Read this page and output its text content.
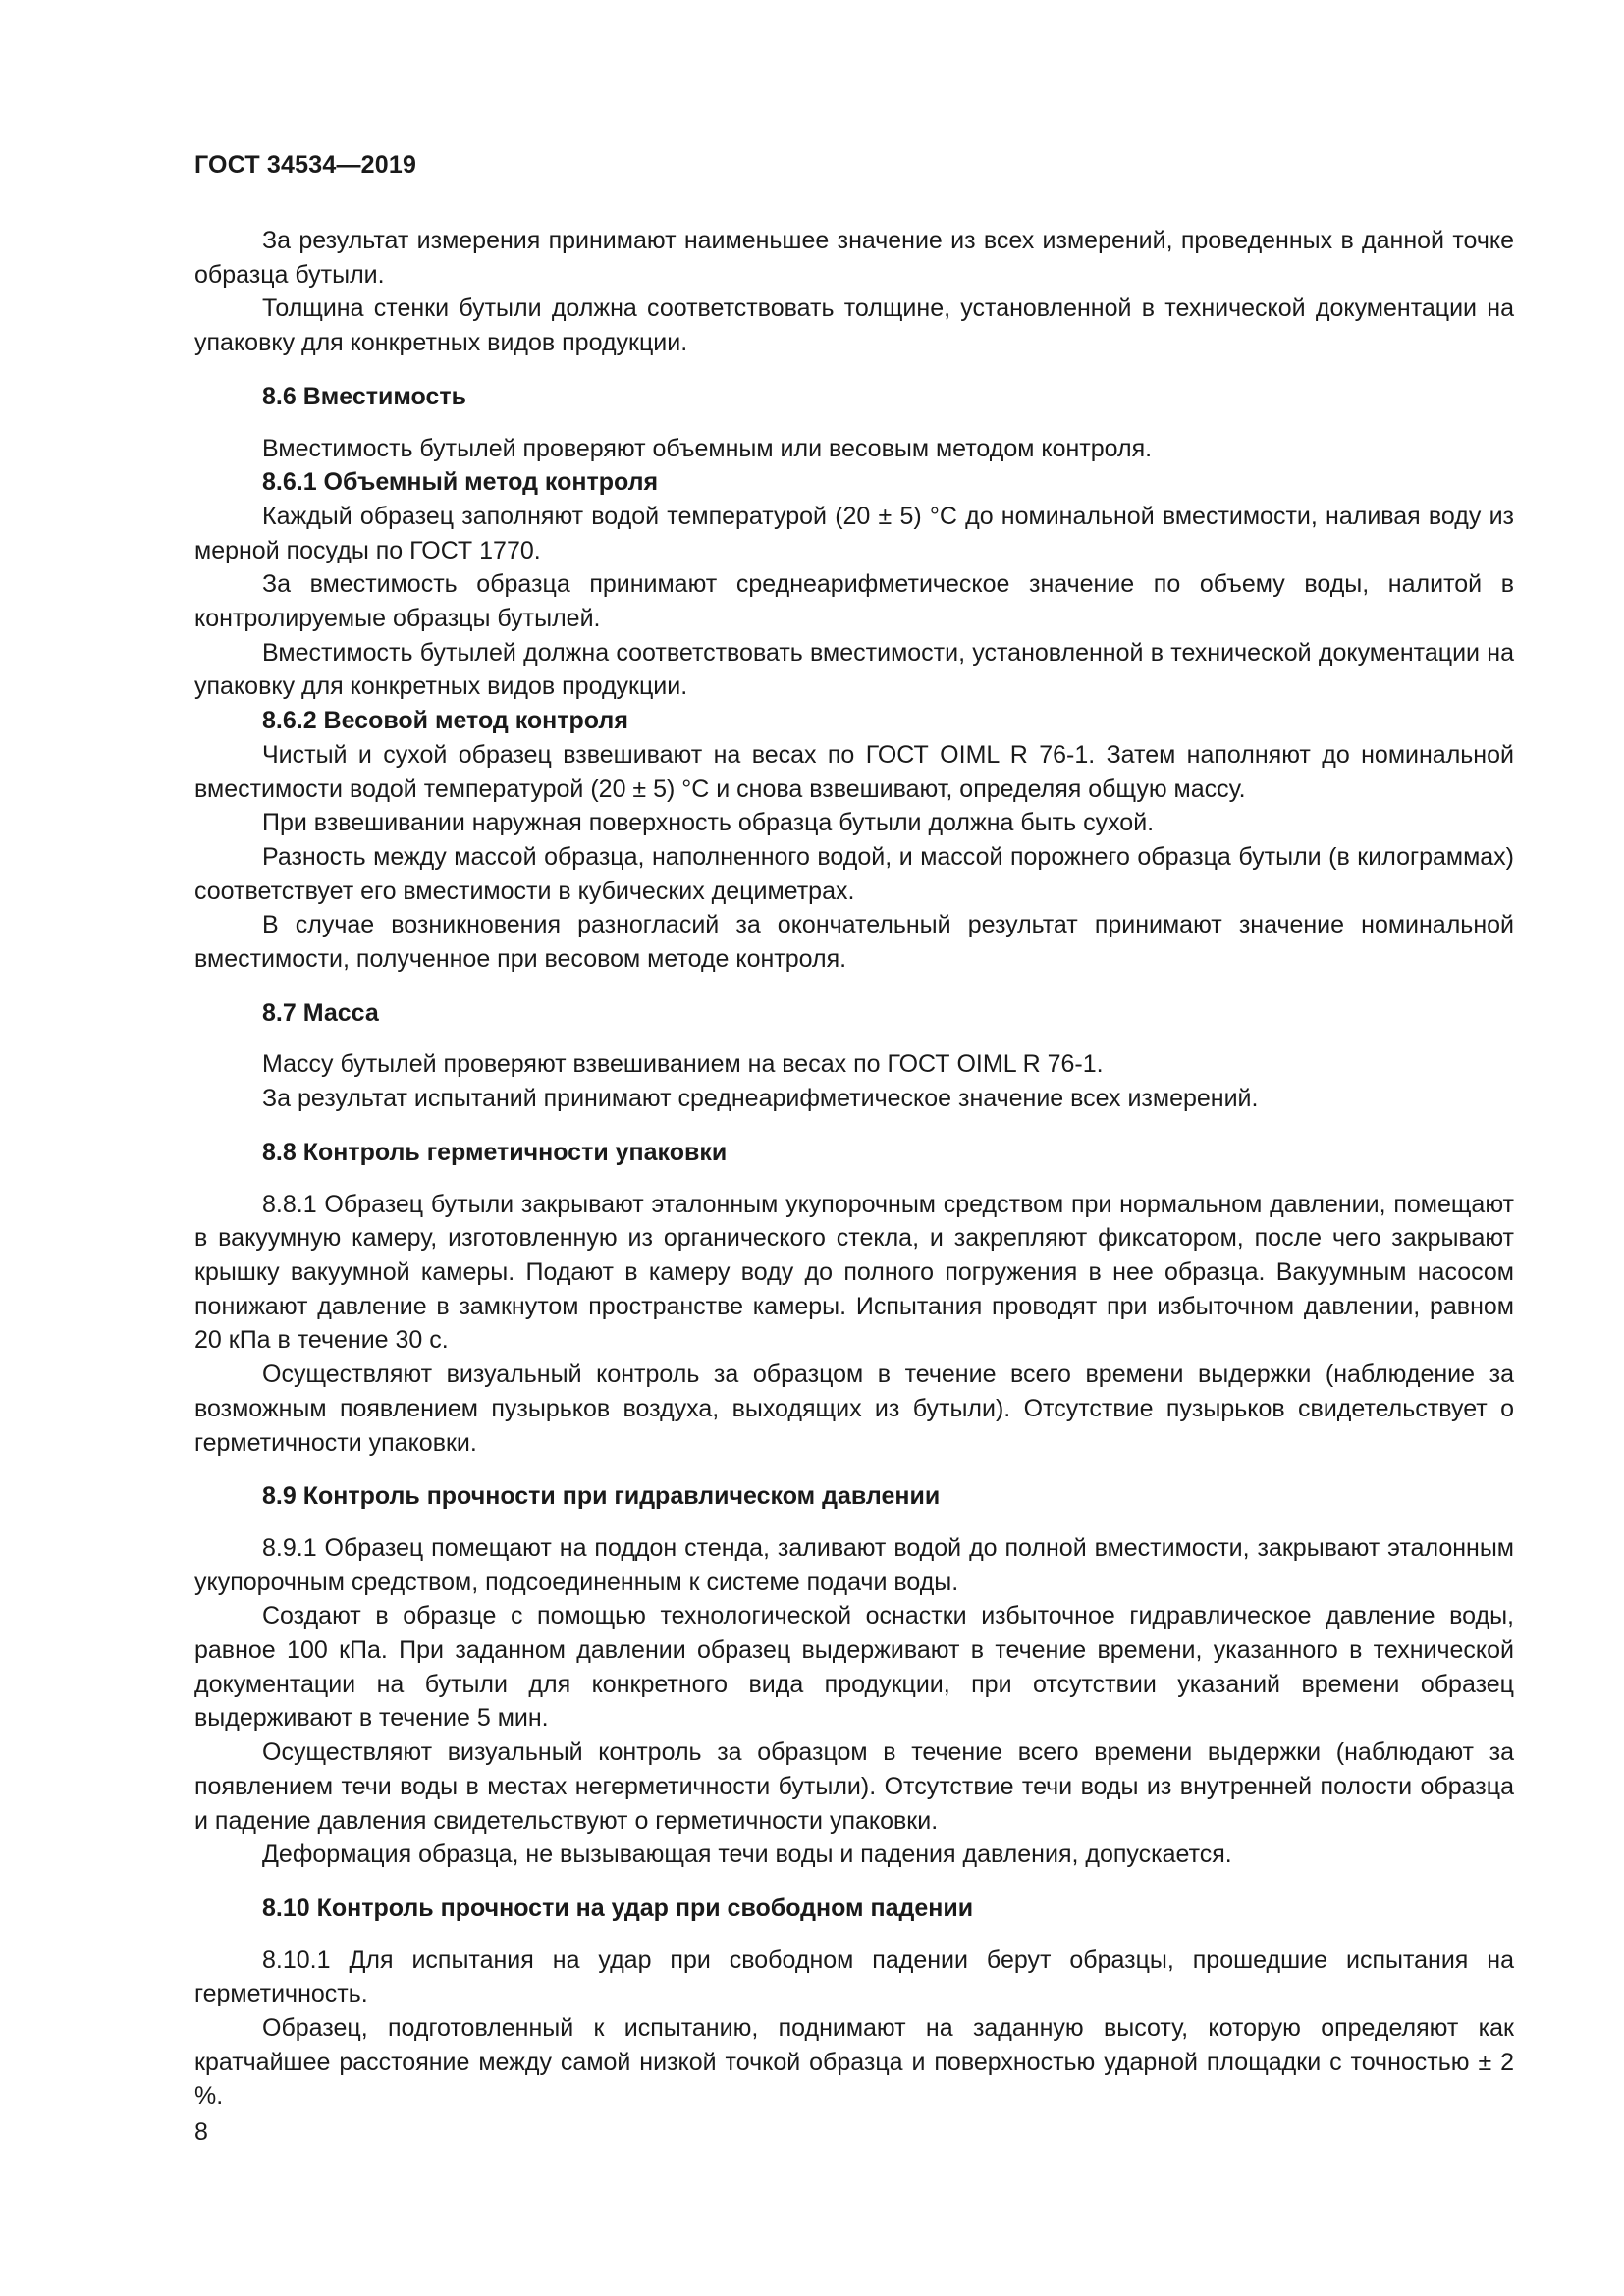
ГОСТ 34534—2019

За результат измерения принимают наименьшее значение из всех измерений, проведенных в данной точке образца бутыли.

Толщина стенки бутыли должна соответствовать толщине, установленной в технической документации на упаковку для конкретных видов продукции.

8.6 Вместимость

Вместимость бутылей проверяют объемным или весовым методом контроля.

8.6.1 Объемный метод контроля

Каждый образец заполняют водой температурой (20 ± 5) °С до номинальной вместимости, наливая воду из мерной посуды по ГОСТ 1770.

За вместимость образца принимают среднеарифметическое значение по объему воды, налитой в контролируемые образцы бутылей.

Вместимость бутылей должна соответствовать вместимости, установленной в технической документации на упаковку для конкретных видов продукции.

8.6.2 Весовой метод контроля

Чистый и сухой образец взвешивают на весах по ГОСТ OIML R 76-1. Затем наполняют до номинальной вместимости водой температурой (20 ± 5) °С и снова взвешивают, определяя общую массу.

При взвешивании наружная поверхность образца бутыли должна быть сухой.

Разность между массой образца, наполненного водой, и массой порожнего образца бутыли (в килограммах) соответствует его вместимости в кубических дециметрах.

В случае возникновения разногласий за окончательный результат принимают значение номинальной вместимости, полученное при весовом методе контроля.

8.7 Масса

Массу бутылей проверяют взвешиванием на весах по ГОСТ OIML R 76-1.

За результат испытаний принимают среднеарифметическое значение всех измерений.

8.8 Контроль герметичности упаковки

8.8.1 Образец бутыли закрывают эталонным укупорочным средством при нормальном давлении, помещают в вакуумную камеру, изготовленную из органического стекла, и закрепляют фиксатором, после чего закрывают крышку вакуумной камеры. Подают в камеру воду до полного погружения в нее образца. Вакуумным насосом понижают давление в замкнутом пространстве камеры. Испытания проводят при избыточном давлении, равном 20 кПа в течение 30 с.

Осуществляют визуальный контроль за образцом в течение всего времени выдержки (наблюдение за возможным появлением пузырьков воздуха, выходящих из бутыли). Отсутствие пузырьков свидетельствует о герметичности упаковки.

8.9 Контроль прочности при гидравлическом давлении

8.9.1 Образец помещают на поддон стенда, заливают водой до полной вместимости, закрывают эталонным укупорочным средством, подсоединенным к системе подачи воды.

Создают в образце с помощью технологической оснастки избыточное гидравлическое давление воды, равное 100 кПа. При заданном давлении образец выдерживают в течение времени, указанного в технической документации на бутыли для конкретного вида продукции, при отсутствии указаний времени образец выдерживают в течение 5 мин.

Осуществляют визуальный контроль за образцом в течение всего времени выдержки (наблюдают за появлением течи воды в местах негерметичности бутыли). Отсутствие течи воды из внутренней полости образца и падение давления свидетельствуют о герметичности упаковки.

Деформация образца, не вызывающая течи воды и падения давления, допускается.

8.10 Контроль прочности на удар при свободном падении

8.10.1 Для испытания на удар при свободном падении берут образцы, прошедшие испытания на герметичность.

Образец, подготовленный к испытанию, поднимают на заданную высоту, которую определяют как кратчайшее расстояние между самой низкой точкой образца и поверхностью ударной площадки с точностью ± 2 %.

8
